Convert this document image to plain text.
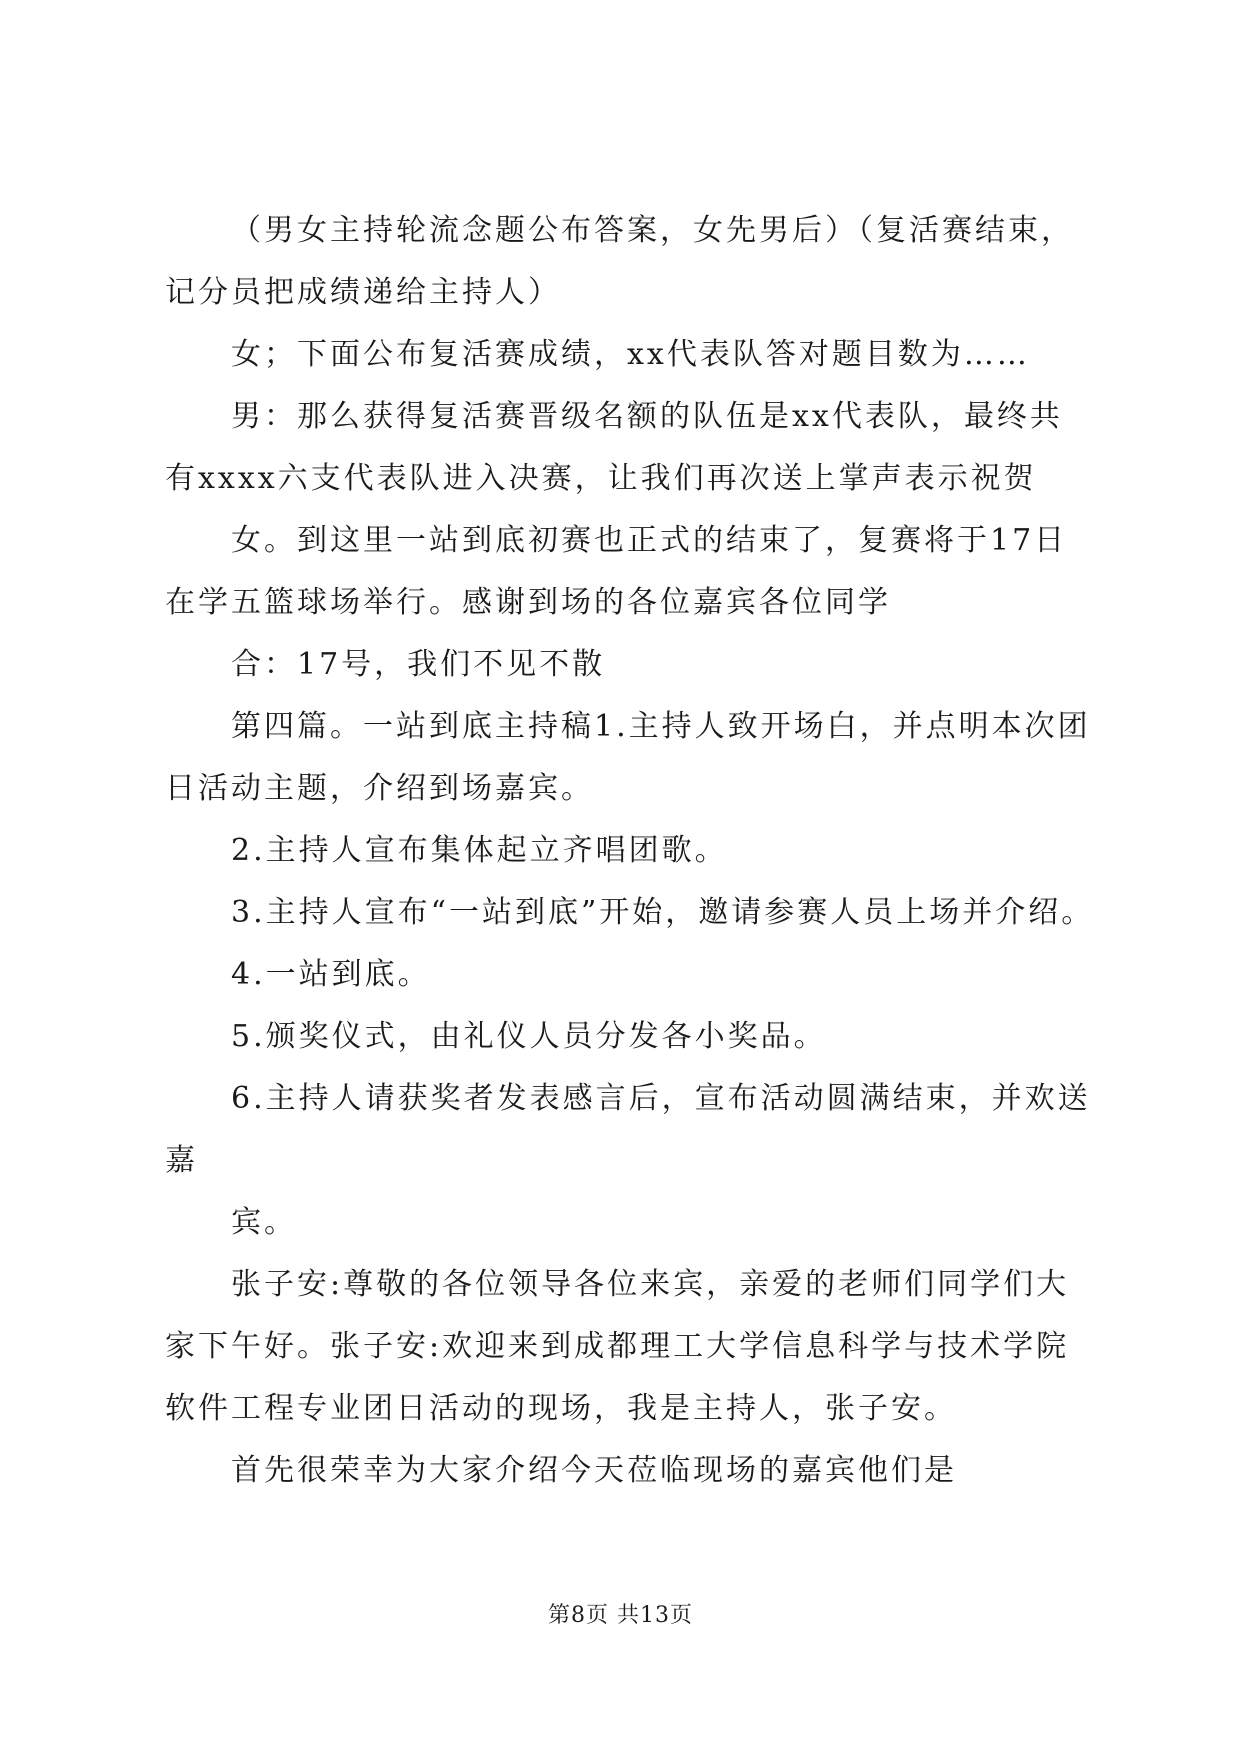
（男女主持轮流念题公布答案，女先男后）（复活赛结束，记分员把成绩递给主持人）

女；下面公布复活赛成绩，xx代表队答对题目数为……

男：那么获得复活赛晋级名额的队伍是xx代表队，最终共有xxxx六支代表队进入决赛，让我们再次送上掌声表示祝贺

女。到这里一站到底初赛也正式的结束了，复赛将于17日在学五篮球场举行。感谢到场的各位嘉宾各位同学

合：17号，我们不见不散

第四篇。一站到底主持稿1.主持人致开场白，并点明本次团日活动主题，介绍到场嘉宾。

2.主持人宣布集体起立齐唱团歌。

3.主持人宣布“一站到底”开始，邀请参赛人员上场并介绍。

4.一站到底。

5.颁奖仪式，由礼仪人员分发各小奖品。

6.主持人请获奖者发表感言后，宣布活动圆满结束，并欢送嘉

宾。

张子安:尊敬的各位领导各位来宾，亲爱的老师们同学们大家下午好。张子安:欢迎来到成都理工大学信息科学与技术学院软件工程专业团日活动的现场，我是主持人，张子安。

首先很荣幸为大家介绍今天莅临现场的嘉宾他们是

第8页 共13页
